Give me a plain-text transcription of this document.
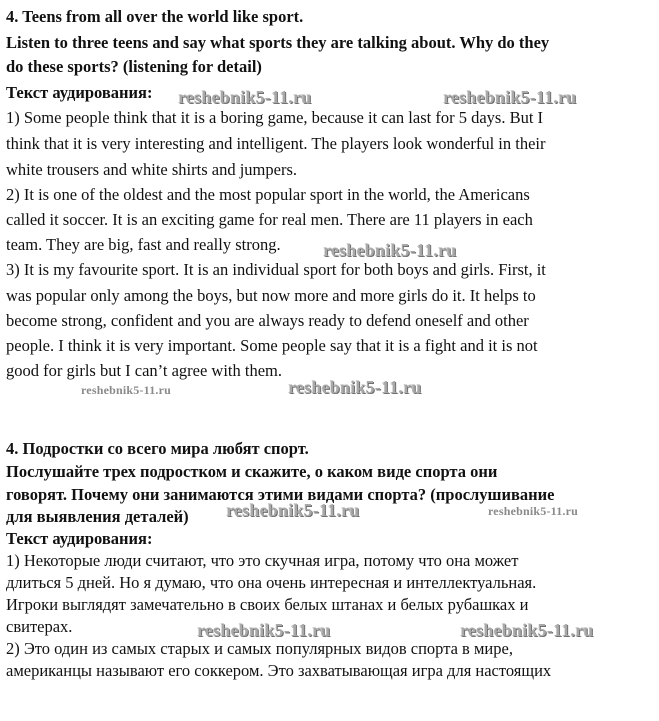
4. Teens from all over the world like sport.
Listen to three teens and say what sports they are talking about. Why do they
do these sports? (listening for detail)
Текст аудирования:
1) Some people think that it is a boring game, because it can last for 5 days. But I
think that it is very interesting and intelligent. The players look wonderful in their
white trousers and white shirts and jumpers.
2) It is one of the oldest and the most popular sport in the world, the Americans
called it soccer. It is an exciting game for real men. There are 11 players in each
team. They are big, fast and really strong.
3) It is my favourite sport. It is an individual sport for both boys and girls. First, it
was popular only among the boys, but now more and more girls do it. It helps to
become strong, confident and you are always ready to defend oneself and other
people. I think it is very important. Some people say that it is a fight and it is not
good for girls but I can’t agree with them.
4. Подростки со всего мира любят спорт.
Послушайте трех подростком и скажите, о каком виде спорта они
говорят. Почему они занимаются этими видами спорта? (прослушивание
для выявления деталей)
Текст аудирования:
1) Некоторые люди считают, что это скучная игра, потому что она может
длиться 5 дней. Но я думаю, что она очень интересная и интеллектуальная.
Игроки выглядят замечательно в своих белых штанах и белых рубашках и
свитерах.
2) Это один из самых старых и самых популярных видов спорта в мире,
американцы называют его соккером. Это захватывающая игра для настоящих
reshebnik5-11.ru	reshebnik5-11.ru
reshebnik5-11.ru
reshebnik5-11.ru	reshebnik5-11.ru
reshebnik5-11.ru	reshebnik5-11.ru
reshebnik5-11.ru	reshebnik5-11.ru
